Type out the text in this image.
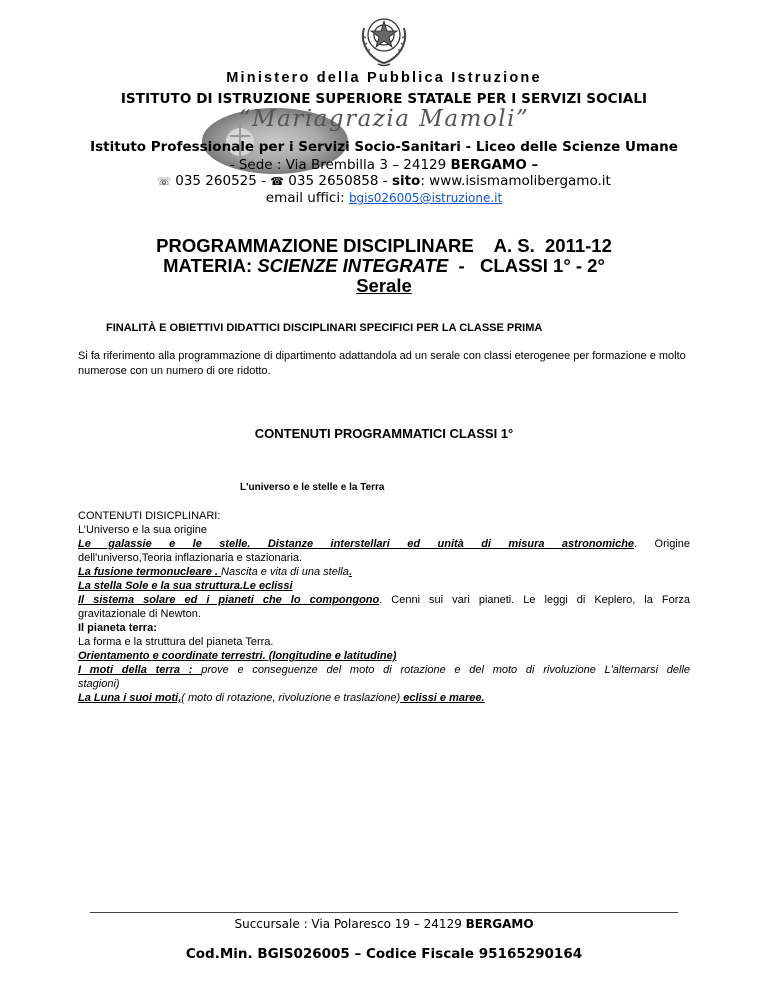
Ministero della Pubblica Istruzione
ISTITUTO DI ISTRUZIONE SUPERIORE STATALE PER I SERVIZI SOCIALI
“Mariagrazia Mamoli”
Istituto Professionale per i Servizi Socio-Sanitari - Liceo delle Scienze Umane
- Sede : Via Brembilla 3 – 24129 BERGAMO –
☏ 035 260525 - ☎ 035 2650858 - sito: www.isismamolibergamo.it
email uffici: bgis026005@istruzione.it
PROGRAMMAZIONE DISCIPLINARE    A. S.  2011-12
MATERIA: SCIENZE INTEGRATE  -   CLASSI 1° - 2°
Serale
FINALITÀ E OBIETTIVI DIDATTICI DISCIPLINARI SPECIFICI PER LA CLASSE PRIMA
Si fa riferimento alla programmazione di dipartimento adattandola ad un serale con classi eterogenee per formazione e molto numerose con un numero di ore ridotto.
CONTENUTI PROGRAMMATICI CLASSI 1°
L'universo e le stelle e la Terra
CONTENUTI DISICPLINARI:
L’Universo e la sua origine
Le galassie e le stelle. Distanze interstellari ed unità di misura astronomiche. Origine
dell'universo,Teoria inflazionaria e stazionaria.
La fusione termonucleare . Nascita e vita di una stella.
La stella Sole e la sua struttura.Le eclissi
Il sistema solare ed i pianeti che lo compongono. Cenni sui vari pianeti. Le leggi di Keplero, la Forza
gravitazionale di Newton.
Il pianeta terra:
La forma e la struttura del pianeta Terra.
Orientamento e coordinate terrestri. (longitudine e latitudine)
I moti della terra : prove e conseguenze del moto di rotazione e del moto di rivoluzione L'alternarsi delle
stagioni)
La Luna i suoi moti,( moto di rotazione, rivoluzione e traslazione) eclissi e maree.
Succursale : Via Polaresco 19 – 24129 BERGAMO
Cod.Min. BGIS026005 – Codice Fiscale 95165290164
